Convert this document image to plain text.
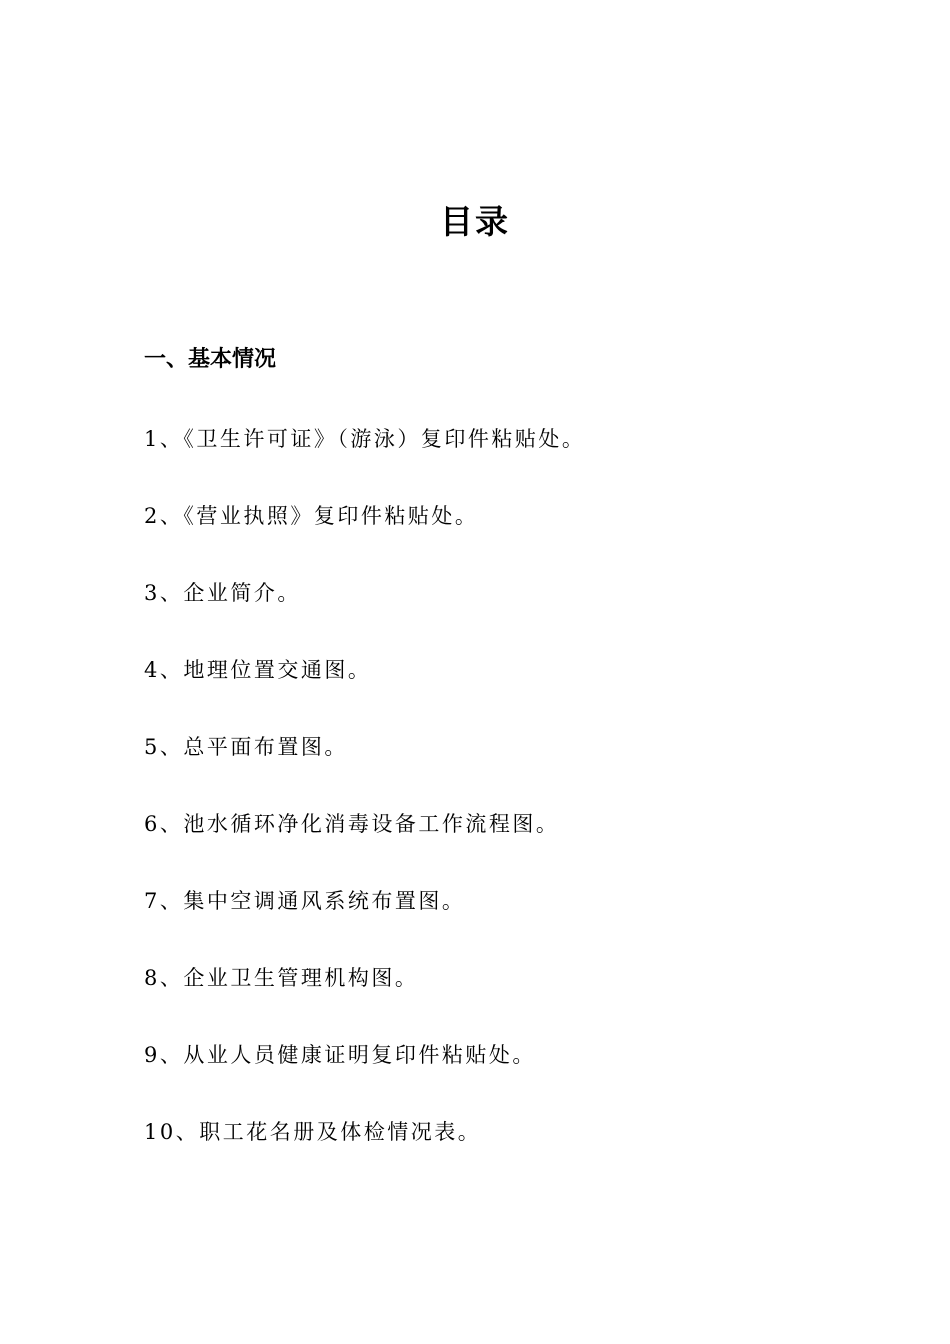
目录
一、基本情况
1、《卫生许可证》（游泳）复印件粘贴处。
2、《营业执照》复印件粘贴处。
3、企业简介。
4、地理位置交通图。
5、总平面布置图。
6、池水循环净化消毒设备工作流程图。
7、集中空调通风系统布置图。
8、企业卫生管理机构图。
9、从业人员健康证明复印件粘贴处。
10、职工花名册及体检情况表。
